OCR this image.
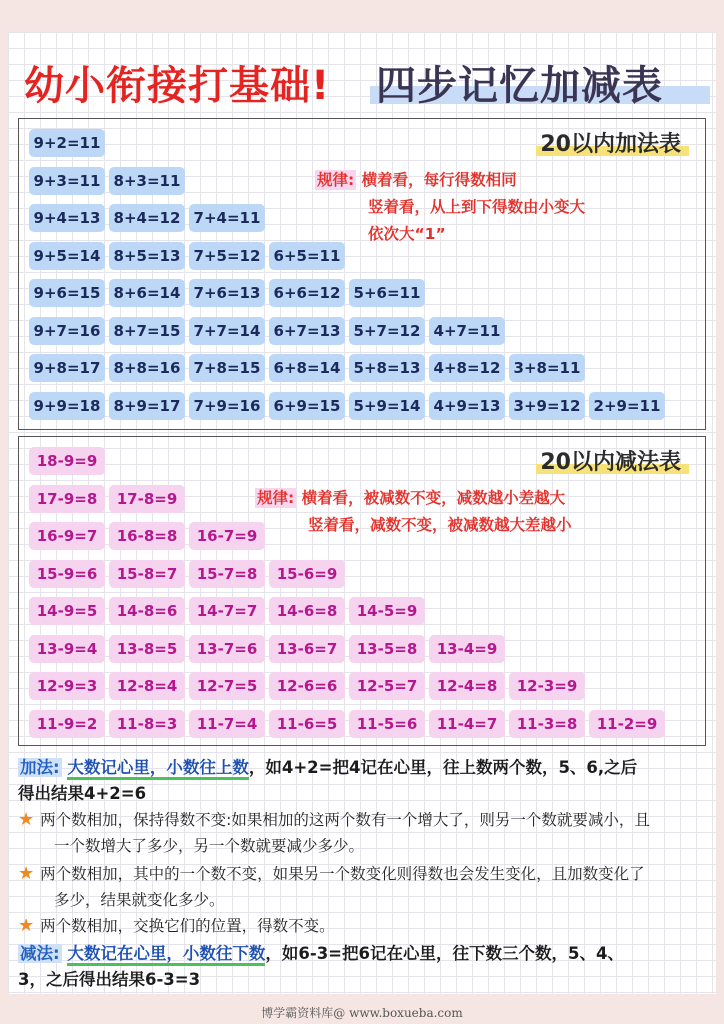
幼小衔接打基础! 四步记忆加减表
20以内加法表
规律: 横着看，每行得数相同
竖着看，从上到下得数由小变大
依次大“1”
9+2=11
9+3=11 8+3=11
9+4=13 8+4=12 7+4=11
9+5=14 8+5=13 7+5=12 6+5=11
9+6=15 8+6=14 7+6=13 6+6=12 5+6=11
9+7=16 8+7=15 7+7=14 6+7=13 5+7=12 4+7=11
9+8=17 8+8=16 7+8=15 6+8=14 5+8=13 4+8=12 3+8=11
9+9=18 8+9=17 7+9=16 6+9=15 5+9=14 4+9=13 3+9=12 2+9=11
20以内减法表
规律: 横着看，被减数不变，减数越小差越大
竖着看，减数不变，被减数越大差越小
18-9=9
17-9=8	17-8=9
16-9=7	16-8=8	16-7=9
15-9=6	15-8=7	15-7=8	15-6=9
14-9=5	14-8=6	14-7=7	14-6=8	14-5=9
13-9=4	13-8=5	13-7=6	13-6=7	13-5=8	13-4=9
12-9=3	12-8=4	12-7=5	12-6=6	12-5=7	12-4=8	12-3=9
11-9=2	11-8=3	11-7=4	11-6=5	11-5=6	11-4=7	11-3=8	11-2=9
加法: 大数记心里，小数往上数，如4+2=把4记在心里，往上数两个数，5、6,之后
得出结果4+2=6
★ 两个数相加，保持得数不变:如果相加的这两个数有一个增大了，则另一个数就要减小，且
一个数增大了多少，另一个数就要减少多少。
★ 两个数相加，其中的一个数不变，如果另一个数变化则得数也会发生变化，且加数变化了
多少，结果就变化多少。
★ 两个数相加，交换它们的位置，得数不变。
减法: 大数记在心里，小数往下数，如6-3=把6记在心里，往下数三个数，5、4、
3，之后得出结果6-3=3
博学霸资料库@ www.boxueba.com
